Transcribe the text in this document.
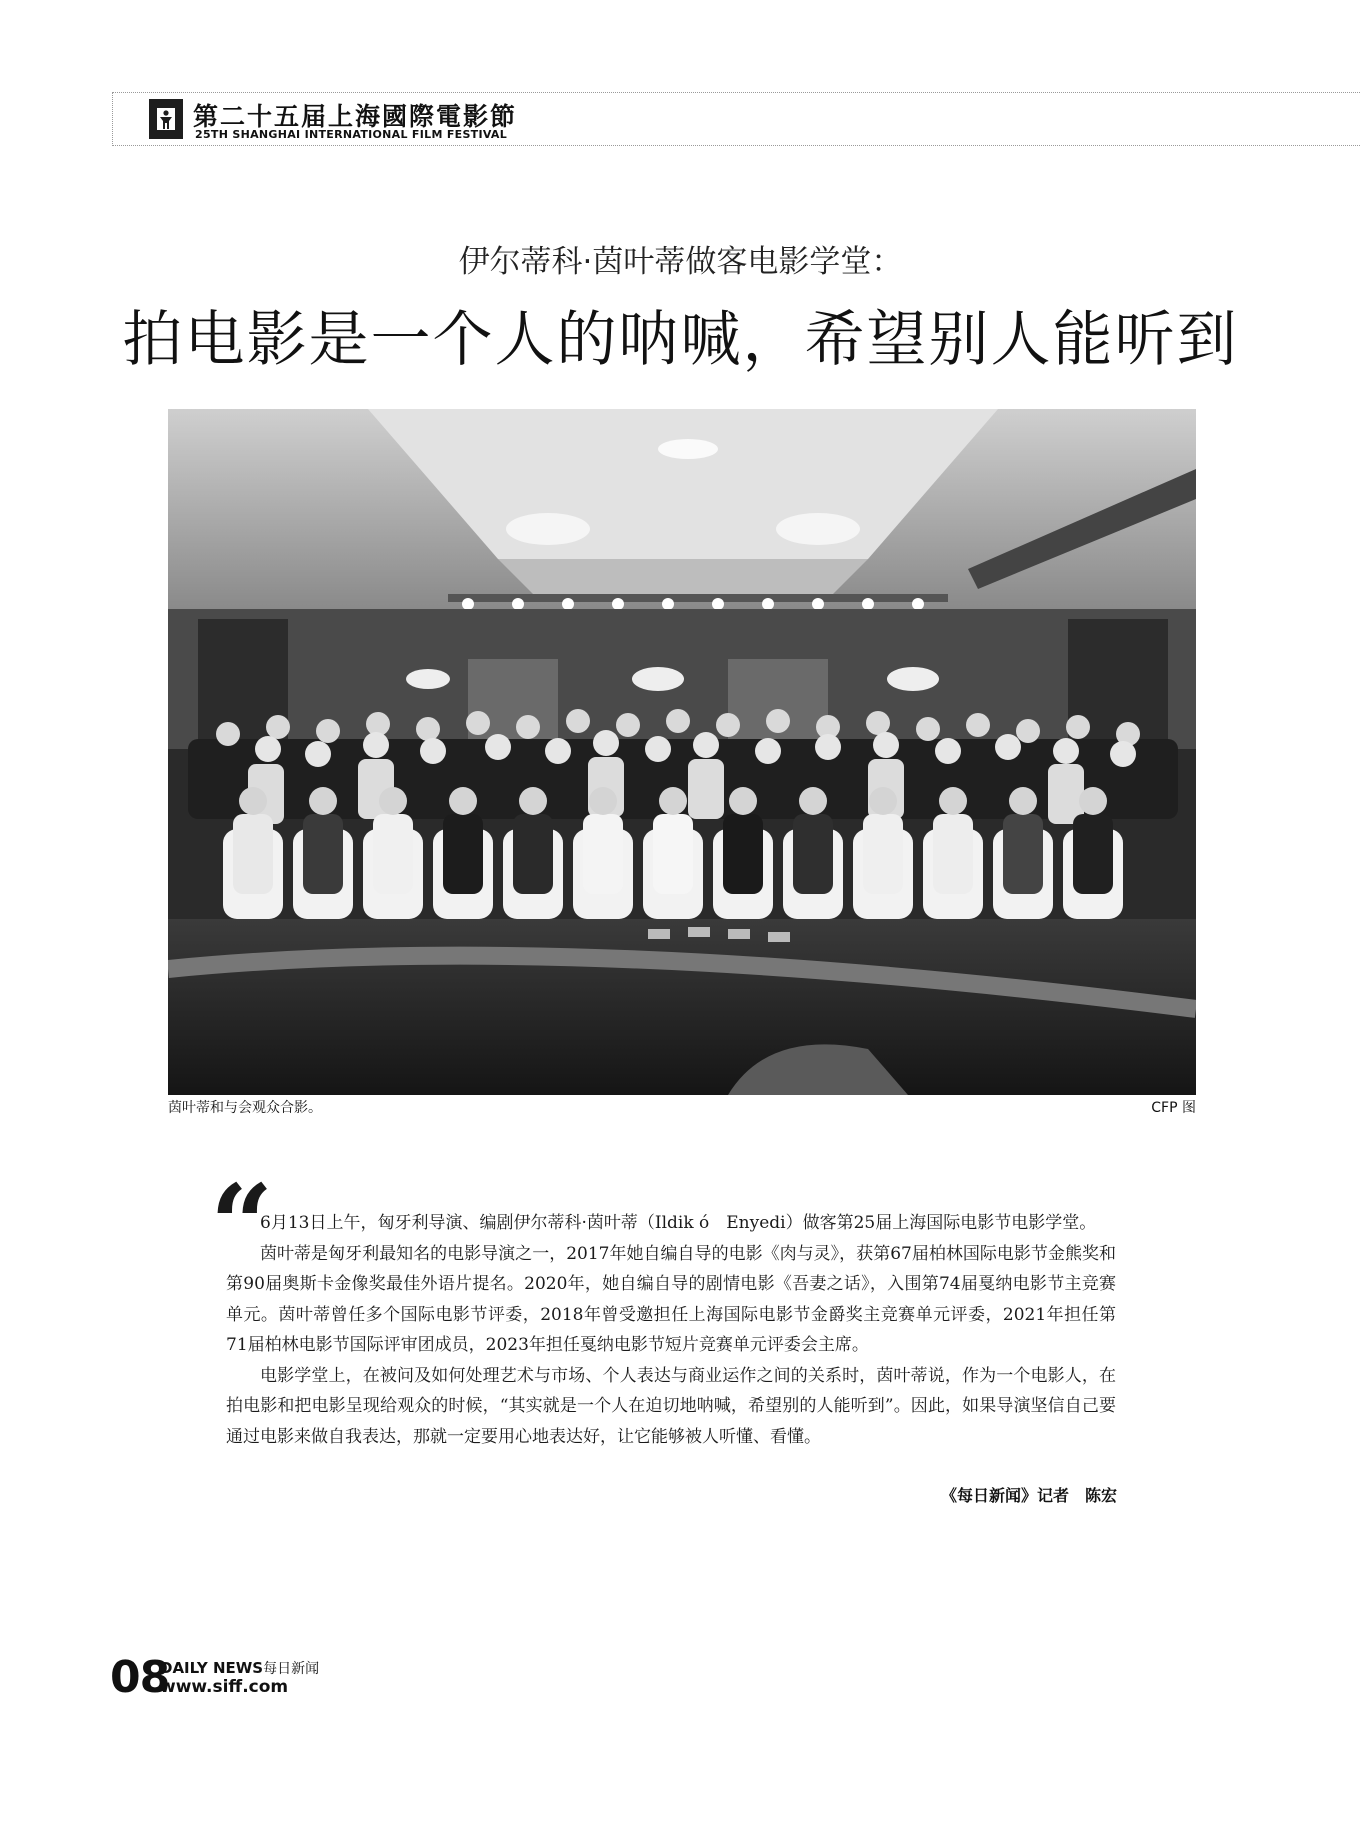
第二十五届上海國際電影節
25TH SHANGHAI INTERNATIONAL FILM FESTIVAL
伊尔蒂科·茵叶蒂做客电影学堂：
拍电影是一个人的呐喊，希望别人能听到
茵叶蒂和与会观众合影。	CFP 图
“

6月13日上午，匈牙利导演、编剧伊尔蒂科·茵叶蒂（Ildik ó　Enyedi）做客第25届上海国际电影节电影学堂。

茵叶蒂是匈牙利最知名的电影导演之一，2017年她自编自导的电影《肉与灵》，获第67届柏林国际电影节金熊奖和第90届奥斯卡金像奖最佳外语片提名。2020年，她自编自导的剧情电影《吾妻之话》，入围第74届戛纳电影节主竞赛单元。茵叶蒂曾任多个国际电影节评委，2018年曾受邀担任上海国际电影节金爵奖主竞赛单元评委，2021年担任第71届柏林电影节国际评审团成员，2023年担任戛纳电影节短片竞赛单元评委会主席。

电影学堂上，在被问及如何处理艺术与市场、个人表达与商业运作之间的关系时，茵叶蒂说，作为一个电影人，在拍电影和把电影呈现给观众的时候，“其实就是一个人在迫切地呐喊，希望别的人能听到”。因此，如果导演坚信自己要通过电影来做自我表达，那就一定要用心地表达好，让它能够被人听懂、看懂。

《每日新闻》记者　陈宏
08
DAILY NEWS每日新闻
www.siff.com
